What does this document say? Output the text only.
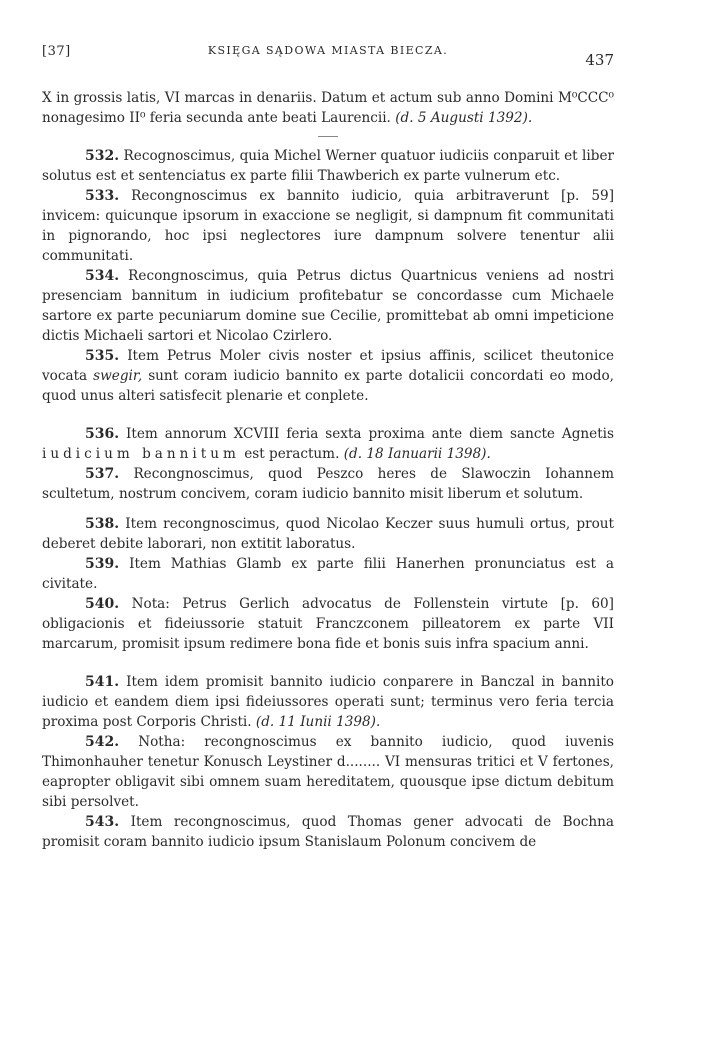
[37]	KSIĘGA SĄDOWA MIASTA BIECZA.
437

X in grossis latis, VI marcas in denariis. Datum et actum sub anno Domini M⁰CCC⁰ nonagesimo II⁰ feria secunda ante beati Laurencii. (d. 5 Augusti 1392).

532. Recognoscimus, quia Michel Werner quatuor iudiciis conparuit et liber solutus est et sentenciatus ex parte filii Thawberich ex parte vulnerum etc.

533. Recongnoscimus ex bannito iudicio, quia arbitraverunt [p. 59] invicem: quicunque ipsorum in exaccione se negligit, si dampnum fit communitati in pignorando, hoc ipsi neglectores iure dampnum solvere tenentur alii communitati.

534. Recongnoscimus, quia Petrus dictus Quartnicus veniens ad nostri presenciam bannitum in iudicium profitebatur se concordasse cum Michaele sartore ex parte pecuniarum domine sue Cecilie, promittebat ab omni impeticione dictis Michaeli sartori et Nicolao Czirlero.

535. Item Petrus Moler civis noster et ipsius affinis, scilicet theutonice vocata swegir, sunt coram iudicio bannito ex parte dotalicii concordati eo modo, quod unus alteri satisfecit plenarie et conplete.

536. Item annorum XCVIII feria sexta proxima ante diem sancte Agnetis iudicium bannitum est peractum. (d. 18 Ianuarii 1398).

537. Recongnoscimus, quod Peszco heres de Slawoczin Iohannem scultetum, nostrum concivem, coram iudicio bannito misit liberum et solutum.

538. Item recongnoscimus, quod Nicolao Keczer suus humuli ortus, prout deberet debite laborari, non extitit laboratus.

539. Item Mathias Glamb ex parte filii Hanerhen pronunciatus est a civitate.

540. Nota: Petrus Gerlich advocatus de Follenstein virtute [p. 60] obligacionis et fideiussorie statuit Franczconem pilleatorem ex parte VII marcarum, promisit ipsum redimere bona fide et bonis suis infra spacium anni.

541. Item idem promisit bannito iudicio conparere in Banczal in bannito iudicio et eandem diem ipsi fideiussores operati sunt; terminus vero feria tercia proxima post Corporis Christi. (d. 11 Iunii 1398).

542. Notha: recongnoscimus ex bannito iudicio, quod iuvenis Thimonhauher tenetur Konusch Leystiner d........ VI mensuras tritici et V fertones, eapropter obligavit sibi omnem suam hereditatem, quousque ipse dictum debitum sibi persolvet.

543. Item recongnoscimus, quod Thomas gener advocati de Bochna promisit coram bannito iudicio ipsum Stanislaum Polonum concivem de
